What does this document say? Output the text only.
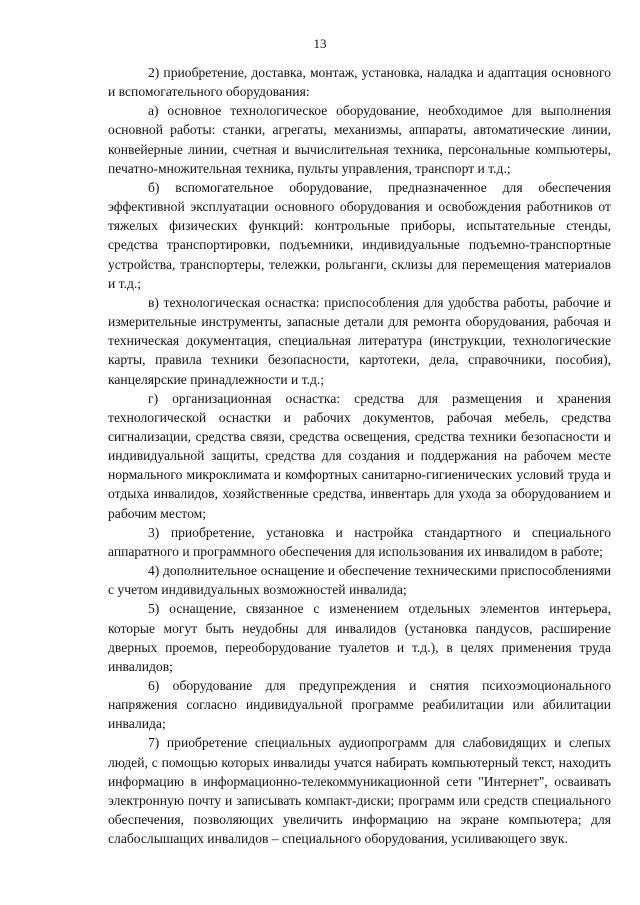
13

2) приобретение, доставка, монтаж, установка, наладка и адаптация основного и вспомогательного оборудования:

а) основное технологическое оборудование, необходимое для выполнения основной работы: станки, агрегаты, механизмы, аппараты, автоматические линии, конвейерные линии, счетная и вычислительная техника, персональные компьютеры, печатно-множительная техника, пульты управления, транспорт и т.д.;

б) вспомогательное оборудование, предназначенное для обеспечения эффективной эксплуатации основного оборудования и освобождения работников от тяжелых физических функций: контрольные приборы, испытательные стенды, средства транспортировки, подъемники, индивидуальные подъемно-транспортные устройства, транспортеры, тележки, рольганги, склизы для перемещения материалов и т.д.;

в) технологическая оснастка: приспособления для удобства работы, рабочие и измерительные инструменты, запасные детали для ремонта оборудования, рабочая и техническая документация, специальная литература (инструкции, технологические карты, правила техники безопасности, картотеки, дела, справочники, пособия), канцелярские принадлежности и т.д.;

г) организационная оснастка: средства для размещения и хранения технологической оснастки и рабочих документов, рабочая мебель, средства сигнализации, средства связи, средства освещения, средства техники безопасности и индивидуальной защиты, средства для создания и поддержания на рабочем месте нормального микроклимата и комфортных санитарно-гигиенических условий труда и отдыха инвалидов, хозяйственные средства, инвентарь для ухода за оборудованием и рабочим местом;

3) приобретение, установка и настройка стандартного и специального аппаратного и программного обеспечения для использования их инвалидом в работе;

4) дополнительное оснащение и обеспечение техническими приспособлениями с учетом индивидуальных возможностей инвалида;

5) оснащение, связанное с изменением отдельных элементов интерьера, которые могут быть неудобны для инвалидов (установка пандусов, расширение дверных проемов, переоборудование туалетов и т.д.), в целях применения труда инвалидов;

6) оборудование для предупреждения и снятия психоэмоционального напряжения согласно индивидуальной программе реабилитации или абилитации инвалида;

7) приобретение специальных аудиопрограмм для слабовидящих и слепых людей, с помощью которых инвалиды учатся набирать компьютерный текст, находить информацию в информационно-телекоммуникационной сети "Интернет", осваивать электронную почту и записывать компакт-диски; программ или средств специального обеспечения, позволяющих увеличить информацию на экране компьютера; для слабослышащих инвалидов – специального оборудования, усиливающего звук.
